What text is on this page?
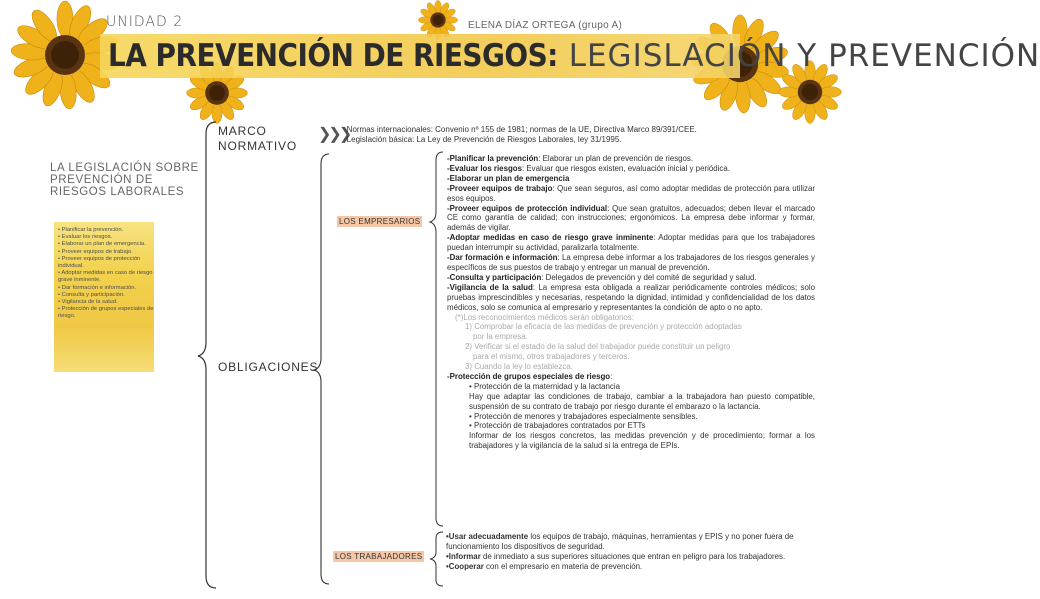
UNIDAD 2	ELENA DÍAZ ORTEGA (grupo A)
LA PREVENCIÓN DE RIESGOS: LEGISLACIÓN Y PREVENCIÓN
LA LEGISLACIÓN SOBRE PREVENCIÓN DE RIESGOS LABORALES
• Planificar la prevención.
• Evaluar los riesgos.
• Elaborar un plan de emergencia.
• Proveer equipos de trabajo.
• Proveer equipos de protección individual.
• Adoptar medidas en caso de riesgo grave inminente.
• Dar formación e información.
• Consulta y participación.
• Vigilancia de la salud.
• Protección de grupos especiales de riesgo.
MARCO NORMATIVO
❯❯❯
-Normas internacionales: Convenio nº 155 de 1981; normas de la UE, Directiva Marco 89/391/CEE.
-Legislación básica: La Ley de Prevención de Riesgos Laborales, ley 31/1995.
OBLIGACIONES
LOS EMPRESARIOS
LOS TRABAJADORES

-Planificar la prevención: Elaborar un plan de prevención de riesgos.

-Evaluar los riesgos: Evaluar que riesgos existen, evaluación inicial y periódica.

-Elaborar un plan de emergencia

-Proveer equipos de trabajo: Que sean seguros, así como adoptar medidas de protección para utilizar esos equipos.

-Proveer equipos de protección individual: Que sean gratuitos, adecuados; deben llevar el marcado CE como garantía de calidad; con instrucciones; ergonómicos. La empresa debe informar y formar, además de vigilar.

-Adoptar medidas en caso de riesgo grave inminente: Adoptar medidas para que los trabajadores puedan interrumpir su actividad, paralizarla totalmente.

-Dar formación e información: La empresa debe informar a los trabajadores de los riesgos generales y específicos de sus puestos de trabajo y entregar un manual de prevención.

-Consulta y participación: Delegados de prevención y del comité de seguridad y salud.

-Vigilancia de la salud: La empresa esta obligada a realizar periódicamente controles médicos; solo pruebas imprescindibles y necesarias, respetando la dignidad, intimidad y confidencialidad de los datos médicos, solo se comunica al empresario y representantes la condición de apto o no apto.

(*)Los reconocimientos médicos serán obligatorios:

1) Comprobar la eficacia de las medidas de prevención y protección adoptadas

por la empresa.

2) Verificar si el estado de la salud del trabajador puede constituir un peligro

para el mismo, otros trabajadores y terceros.

3) Cuando la ley lo establezca.

-Protección de grupos especiales de riesgo:

• Protección de la maternidad y la lactancia

Hay que adaptar las condiciones de trabajo, cambiar a la trabajadora han puesto compatible, suspensión de su contrato de trabajo por riesgo durante el embarazo o la lactancia.

• Protección de menores y trabajadores especialmente sensibles.

• Protección de trabajadores contratados por ETTs

Informar de los riesgos concretos, las medidas prevención y de procedimiento; formar a los trabajadores y la vigilancia de la salud si la entrega de EPIs.

•Usar adecuadamente los equipos de trabajo, máquinas, herramientas y EPIS y no poner fuera de funcionamiento los dispositivos de seguridad.

•Informar de inmediato a sus superiores situaciones que entran en peligro para los trabajadores.

•Cooperar con el empresario en materia de prevención.
